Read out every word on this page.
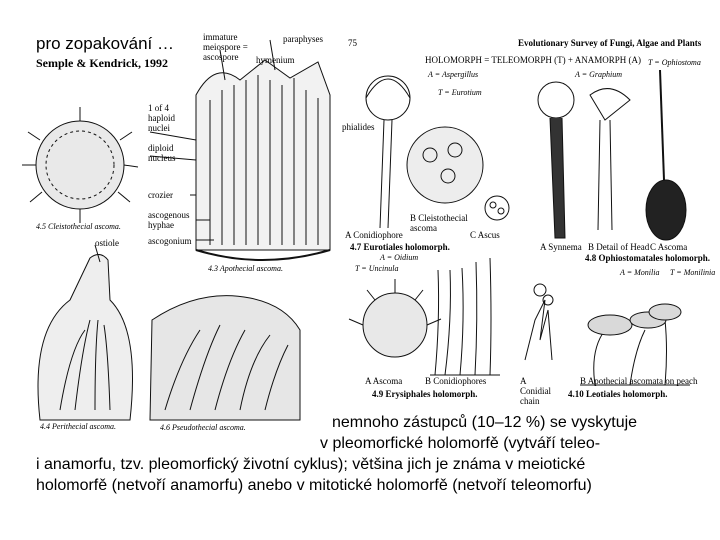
pro zopakování …
Semple & Kendrick, 1992
Evolutionary Survey of Fungi, Algae and Plants
75
immature meiospore = ascospore
paraphyses
hymenium
1 of 4 haploid nuclei
diploid nucleus
crozier
ascogenous hyphae
ascogonium
ostiole
HOLOMORPH = TELEOMORPH (T) + ANAMORPH (A)
A = Aspergillus
T = Eurotium
A = Graphium
T = Ophiostoma
phialides
A Conidiophore
B Cleistothecial ascoma
C Ascus
4.7 Eurotiales holomorph.	A Synnema B Detail of Head C Ascoma
4.8 Ophiostomatales holomorph.
A = Oidium
T = Uncinula	A = Monilia T = Monilinia
A Ascoma	B Conidiophores	A Conidial chain
B Apothecial ascomata on peach
4.9 Erysiphales holomorph.	4.10 Leotiales holomorph.
4.5 Cleistothecial ascoma.
4.3 Apothecial ascoma.
4.4 Perithecial ascoma.	4.6 Pseudothecial ascoma.	nemnoho zástupců (10–12 %) se vyskytuje
v pleomorfické holomorfě (vytváří teleo-
i anamorfu, tzv. pleomorfický životní cyklus); většina jich je známa v meiotické
holomorfě (netvoří anamorfu) anebo v mitotické holomorfě (netvoří teleomorfu)
